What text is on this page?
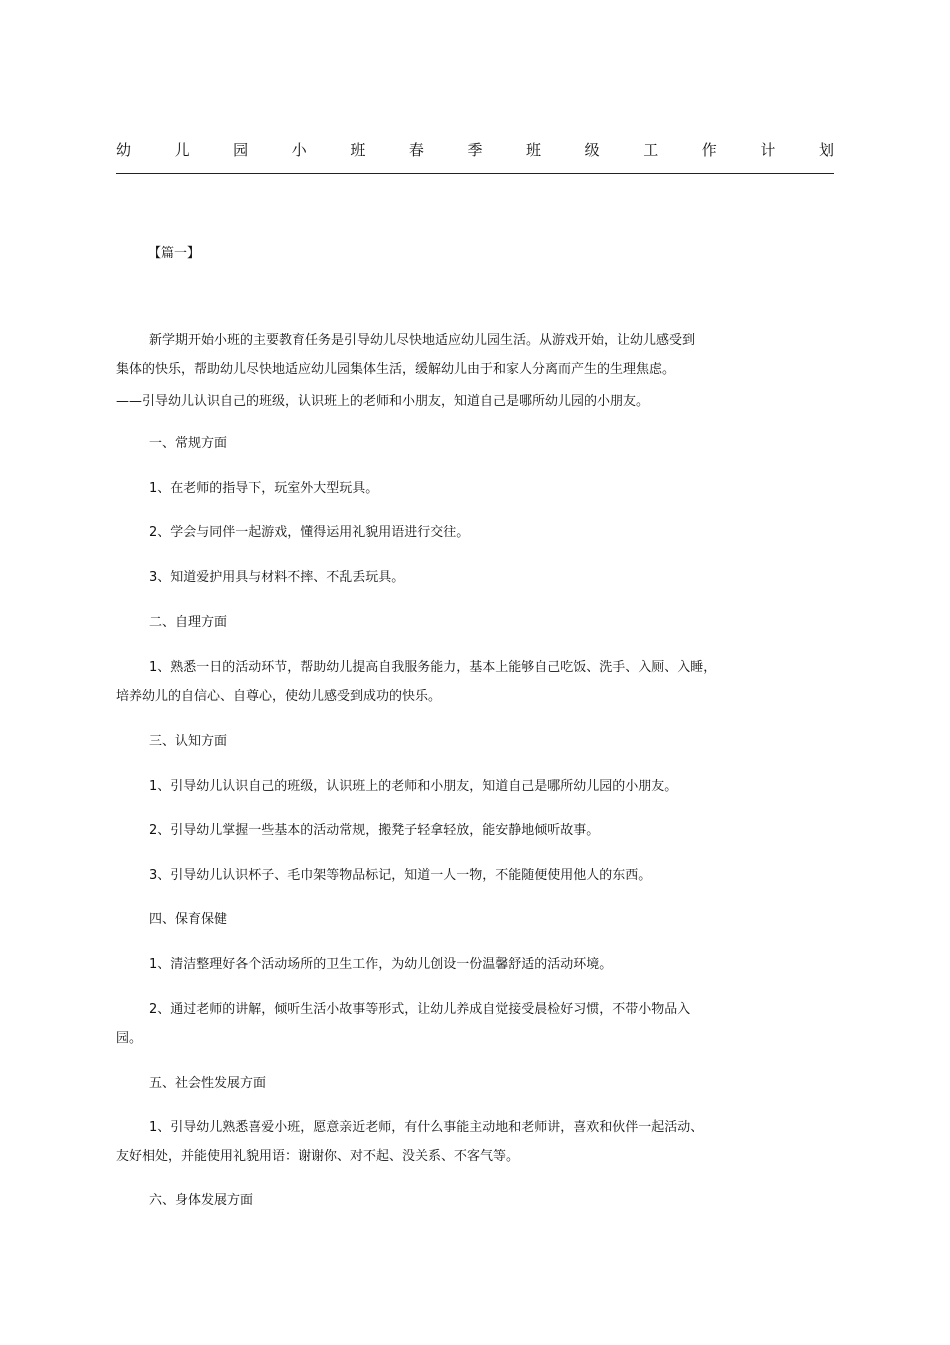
幼	儿	园	小	班	春	季	班	级	工	作	计	划
【篇一】
新学期开始小班的主要教育任务是引导幼儿尽快地适应幼儿园生活。从游戏开始，让幼儿感受到
集体的快乐，帮助幼儿尽快地适应幼儿园集体生活，缓解幼儿由于和家人分离而产生的生理焦虑。
——引导幼儿认识自己的班级，认识班上的老师和小朋友，知道自己是哪所幼儿园的小朋友。
一、常规方面
1、在老师的指导下，玩室外大型玩具。
2、学会与同伴一起游戏，懂得运用礼貌用语进行交往。
3、知道爱护用具与材料不摔、不乱丢玩具。
二、自理方面
1、熟悉一日的活动环节，帮助幼儿提高自我服务能力，基本上能够自己吃饭、洗手、入厕、入睡，
培养幼儿的自信心、自尊心，使幼儿感受到成功的快乐。
三、认知方面
1、引导幼儿认识自己的班级，认识班上的老师和小朋友，知道自己是哪所幼儿园的小朋友。
2、引导幼儿掌握一些基本的活动常规，搬凳子轻拿轻放，能安静地倾听故事。
3、引导幼儿认识杯子、毛巾架等物品标记，知道一人一物，不能随便使用他人的东西。
四、保育保健
1、清洁整理好各个活动场所的卫生工作，为幼儿创设一份温馨舒适的活动环境。
2、通过老师的讲解，倾听生活小故事等形式，让幼儿养成自觉接受晨检好习惯，不带小物品入
园。
五、社会性发展方面
1、引导幼儿熟悉喜爱小班，愿意亲近老师，有什么事能主动地和老师讲，喜欢和伙伴一起活动、
友好相处，并能使用礼貌用语：谢谢你、对不起、没关系、不客气等。
六、身体发展方面
